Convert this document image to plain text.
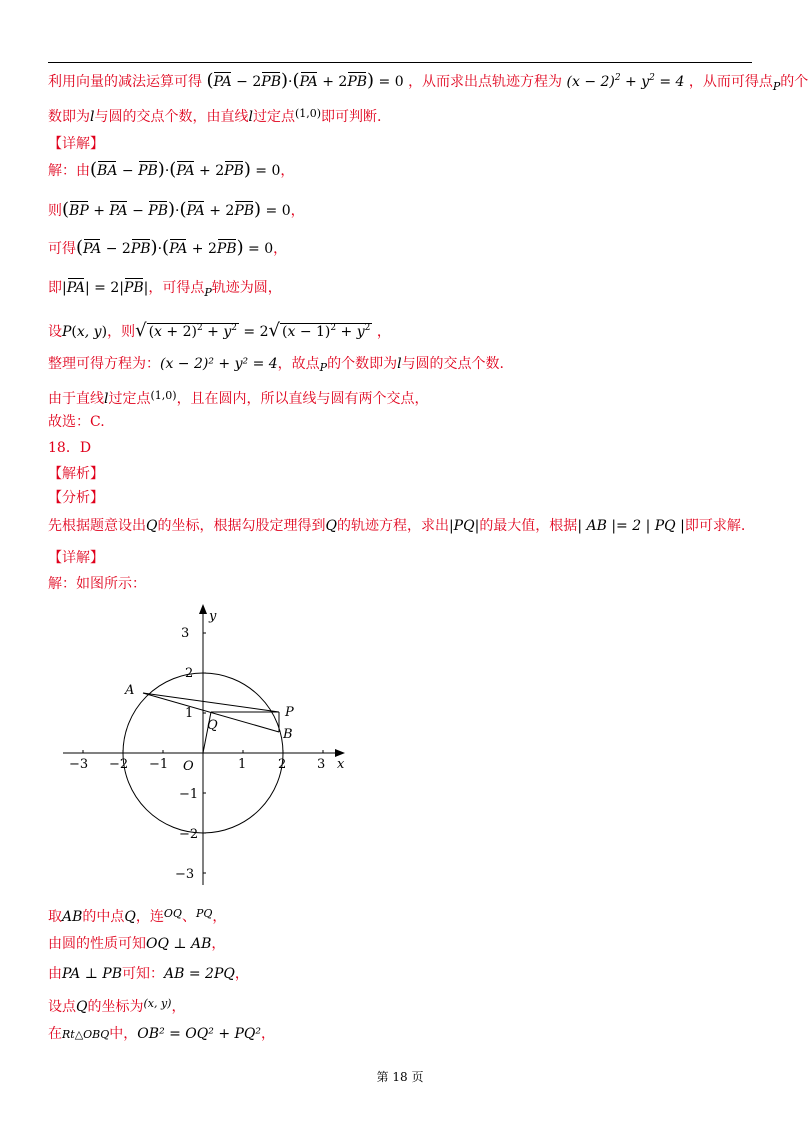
利用向量的减法运算可得 (PA − 2PB)·(PA + 2PB) = 0 ，从而求出点轨迹方程为 $(x - 2)^2 + y^2 = 4$ ，从而可得点$_P$的个
数即为l与圆的交点个数，由直线l过定点$^{(1,0)}$即可判断.
【详解】
解：由(BA − PB)·(PA + 2PB) = 0，
则(BP + PA − PB)·(PA + 2PB) = 0，
可得(PA − 2PB)·(PA + 2PB) = 0，
即|PA| = 2|PB|，可得点$_P$轨迹为圆，
设P(x, y)，则√ $(x + 2)^2 + y^2 = 2√$ $(x - 1)^2 + y^2$ ，
整理可得方程为：(x − 2)² + y² = 4，故点$_P$的个数即为l与圆的交点个数.
由于直线l过定点$^{(1,0)}$，且在圆内，所以直线与圆有两个交点，
故选：C.
18．D
【解析】
【分析】
先根据题意设出Q的坐标，根据勾股定理得到Q的轨迹方程，求出|PQ|的最大值，根据| AB |= 2 | PQ |即可求解.
【详解】
解：如图所示：
x
y
O
−3 −2 −1	1 2 3
3
2
1
−1
−2
−3
A
P
B
Q
取AB的中点Q，连$^{OQ}$、$^{PQ}$，
由圆的性质可知OQ ⊥ AB，
由PA ⊥ PB可知：AB = 2PQ，
设点Q的坐标为$^{(x, y)}$，
在Rt△OBQ中，OB² = OQ² + PQ²，
第 18 页
